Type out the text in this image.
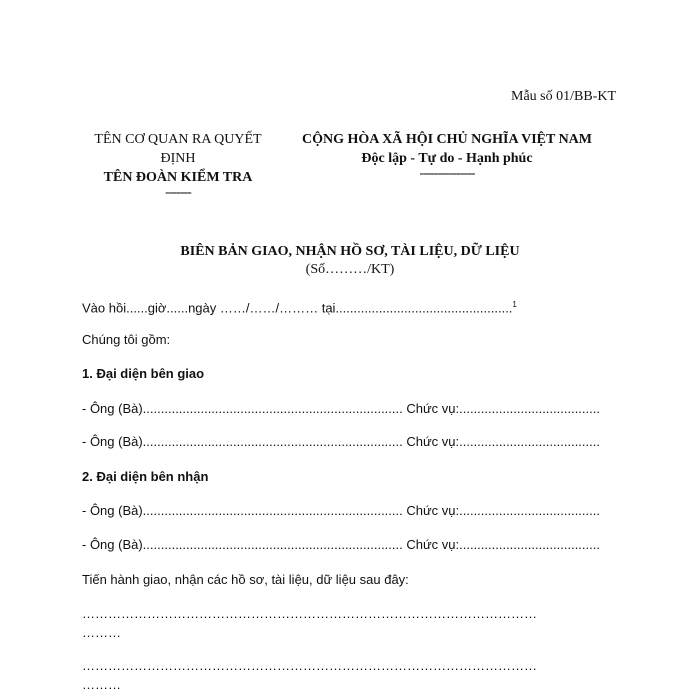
Mẫu số 01/BB-KT
TÊN CƠ QUAN RA QUYẾT
ĐỊNH
TÊN ĐOÀN KIỂM TRA
-------
CỘNG HÒA XÃ HỘI CHỦ NGHĨA VIỆT NAM
Độc lập - Tự do - Hạnh phúc
---------------
BIÊN BẢN GIAO, NHẬN HỒ SƠ, TÀI LIỆU, DỮ LIỆU
(Số………/KT)
Vào hồi......giờ......ngày ……/……/……… tại.................................................$^1$
Chúng tôi gồm:
1. Đại diện bên giao
- Ông (Bà)........................................................................ Chức vụ:.......................................
- Ông (Bà)........................................................................ Chức vụ:.......................................
2. Đại diện bên nhận
- Ông (Bà)........................................................................ Chức vụ:.......................................
- Ông (Bà)........................................................................ Chức vụ:.......................................
Tiến hành giao, nhận các hồ sơ, tài liệu, dữ liệu sau đây:
……………………………………………………………………………………………
………
……………………………………………………………………………………………
………
